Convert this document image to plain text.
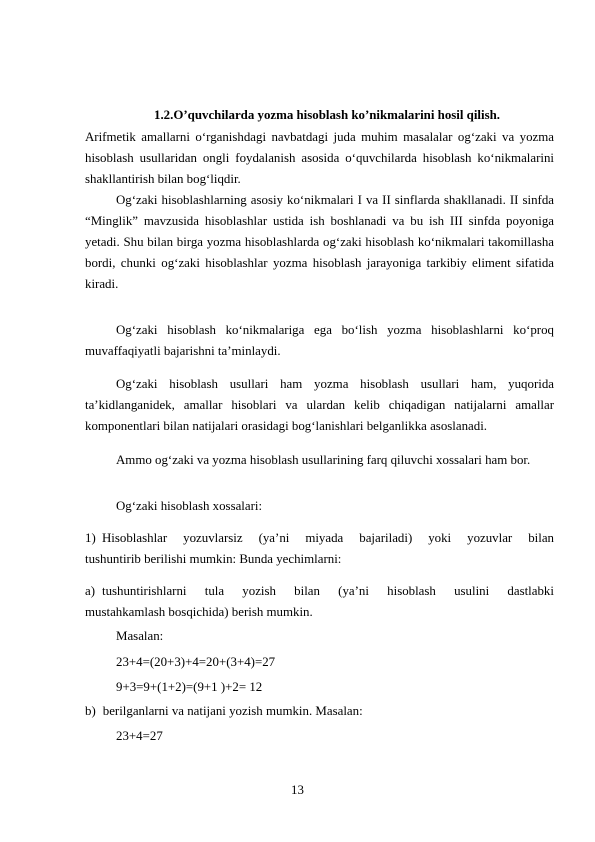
1.2.O’quvchilarda yozma hisoblash ko’nikmalarini hosil qilish.
Arifmetik amallarni o‘rganishdagi navbatdagi juda muhim masalalar og‘zaki va yozma hisoblash usullaridan ongli foydalanish asosida o‘quvchilarda hisoblash ko‘nikmalarini shakllantirish bilan bog‘liqdir.
Og‘zaki hisoblashlarning asosiy ko‘nikmalari I va II sinflarda shakllanadi. II sinfda “Minglik” mavzusida hisoblashlar ustida ish boshlanadi va bu ish III sinfda poyoniga yetadi. Shu bilan birga yozma hisoblashlarda og‘zaki hisoblash ko‘nikmalari takomillasha bordi, chunki og‘zaki hisoblashlar yozma hisoblash jarayoniga tarkibiy eliment sifatida kiradi.
Og‘zaki hisoblash ko‘nikmalariga ega bo‘lish yozma hisoblashlarni ko‘proq muvaffaqiyatli bajarishni ta’minlaydi.
Og‘zaki hisoblash usullari ham yozma hisoblash usullari ham, yuqorida ta’kidlanganidek, amallar hisoblari va ulardan kelib chiqadigan natijalarni amallar komponentlari bilan natijalari orasidagi bog‘lanishlari belganlikka asoslanadi.
Ammo og‘zaki va yozma hisoblash usullarining farq qiluvchi xossalari ham bor.
Og‘zaki hisoblash xossalari:
1) Hisoblashlar yozuvlarsiz (ya’ni miyada bajariladi) yoki yozuvlar bilan
tushuntirib berilishi mumkin: Bunda yechimlarni:
a) tushuntirishlarni tula yozish bilan (ya’ni hisoblash usulini dastlabki
mustahkamlash bosqichida) berish mumkin.
Masalan:
23+4=(20+3)+4=20+(3+4)=27
9+3=9+(1+2)=(9+1 )+2= 12
b) berilganlarni va natijani yozish mumkin. Masalan:
23+4=27
13
